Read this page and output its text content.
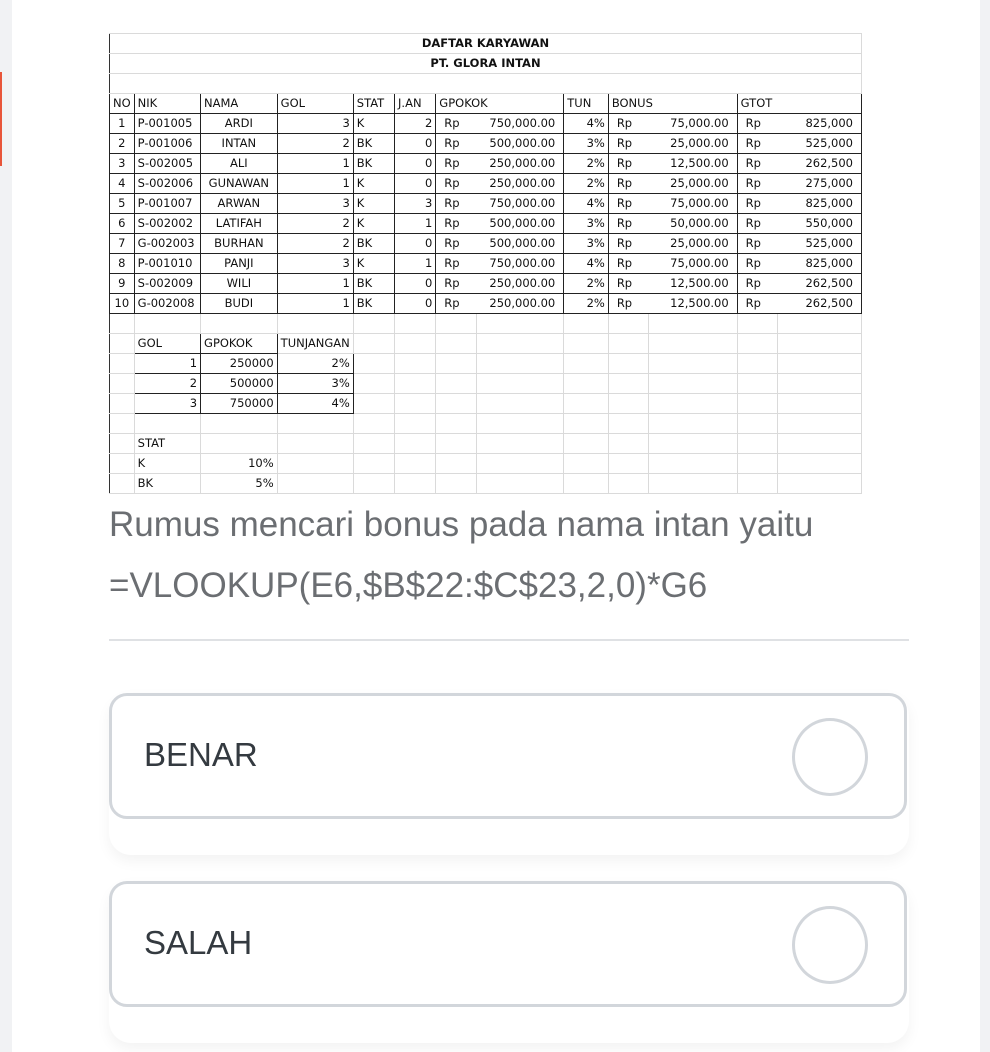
DAFTAR KARYAWAN												
PT. GLORA INTAN												

NO	NIK	NAMA	GOL	STAT	J.AN	GPOKOK		TUN	BONUS		GTOT	
1	P-001005	ARDI	3	K	2	Rp	750,000.00	4%	Rp	75,000.00	Rp	825,000
2	P-001006	INTAN	2	BK	0	Rp	500,000.00	3%	Rp	25,000.00	Rp	525,000
3	S-002005	ALI	1	BK	0	Rp	250,000.00	2%	Rp	12,500.00	Rp	262,500
4	S-002006	GUNAWAN	1	K	0	Rp	250,000.00	2%	Rp	25,000.00	Rp	275,000
5	P-001007	ARWAN	3	K	3	Rp	750,000.00	4%	Rp	75,000.00	Rp	825,000
6	S-002002	LATIFAH	2	K	1	Rp	500,000.00	3%	Rp	50,000.00	Rp	550,000
7	G-002003	BURHAN	2	BK	0	Rp	500,000.00	3%	Rp	25,000.00	Rp	525,000
8	P-001010	PANJI	3	K	1	Rp	750,000.00	4%	Rp	75,000.00	Rp	825,000
9	S-002009	WILI	1	BK	0	Rp	250,000.00	2%	Rp	12,500.00	Rp	262,500
10	G-002008	BUDI	1	BK	0	Rp	250,000.00	2%	Rp	12,500.00	Rp	262,500

	GOL	GPOKOK	TUNJANGAN									
	1	250000	2%									
	2	500000	3%									
	3	750000	4%									

	STAT											
	K	10%										
	BK	5%										
Rumus mencari bonus pada nama intan yaitu
=VLOOKUP(E6,$B$22:$C$23,2,0)*G6
BENAR
SALAH
